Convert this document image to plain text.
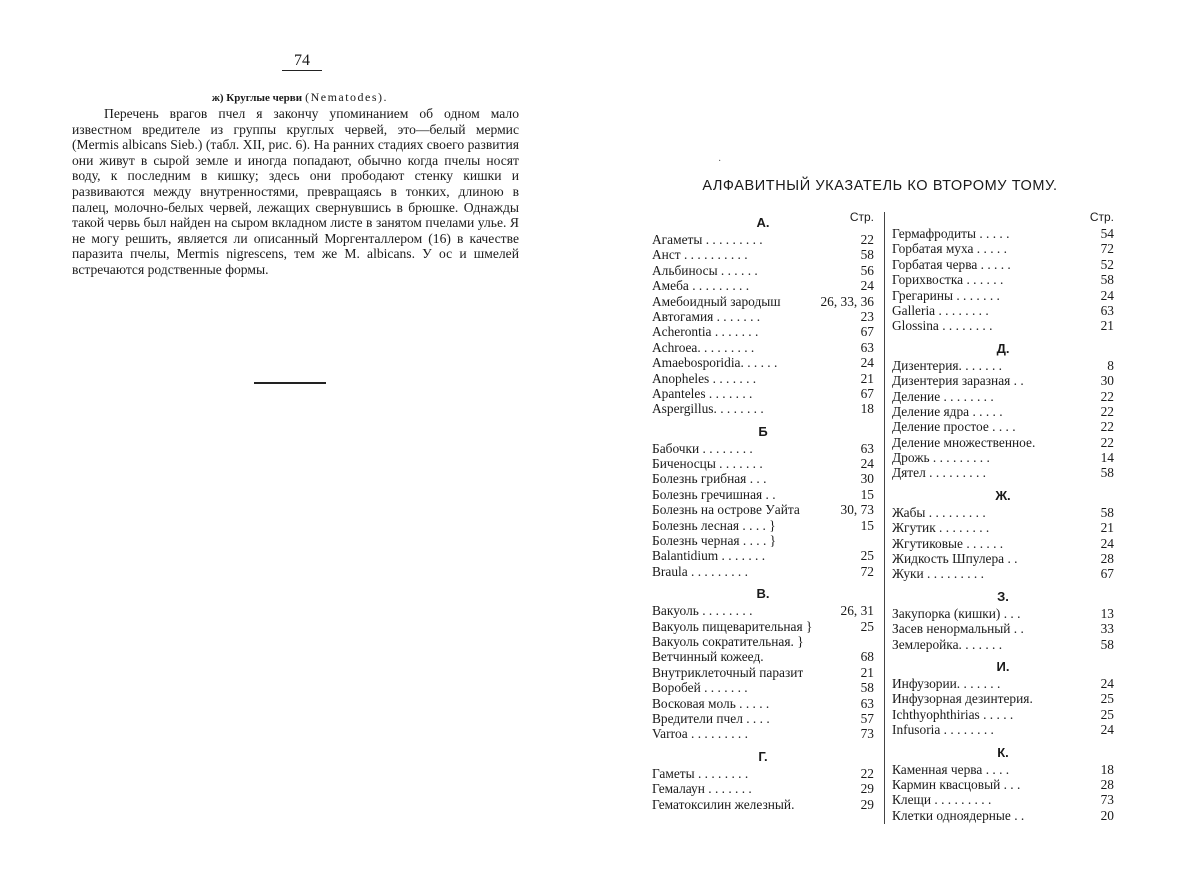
74
ж) Круглые черви (Nematodes).

Перечень врагов пчел я закончу упоминанием об одном мало известном вредителе из группы круглых червей, это—белый мермис (Mermis albicans Sieb.) (табл. XII, рис. 6). На ранних стадиях своего развития они живут в сырой земле и иногда попадают, обычно когда пчелы носят воду, к последним в кишку; здесь они прободают стенку кишки и развиваются между внутренностями, превращаясь в тонких, длиною в палец, молочно-белых червей, лежащих свернувшись в брюшке. Однажды такой червь был найден на сыром вкладном листе в занятом пчелами улье. Я не могу решить, является ли описанный Моргенталлером (16) в качестве паразита пчелы, Mermis nigrescens, тем же M. albicans. У ос и шмелей встречаются родственные формы.

·
АЛФАВИТНЫЙ УКАЗАТЕЛЬ КО ВТОРОМУ ТОМУ.
Стр.
А.
Агаметы . . . . . . . . .	22
Анст . . . . . . . . . .	58
Альбиносы . . . . . .	56
Амеба . . . . . . . . .	24
Амебоидный зародыш	26, 33, 36
Автогамия . . . . . . .	23
Acherontia . . . . . . .	67
Achroea. . . . . . . . .	63
Amaebosporidia. . . . . .	24
Anopheles . . . . . . .	21
Apanteles . . . . . . .	67
Aspergillus. . . . . . . .	18
Б
Бабочки . . . . . . . .	63
Биченосцы . . . . . . .	24
Болезнь грибная . . .	30
Болезнь гречишная . .	15
Болезнь на острове Уайта	30, 73
Болезнь лесная . . . . }	15
Болезнь черная . . . . }
Balantidium . . . . . . .	25
Braula . . . . . . . . .	72
В.
Вакуоль . . . . . . . .	26, 31
Вакуоль пищеварительная }	25
Вакуоль сократительная. }
Ветчинный кожеед.	68
Внутриклеточный паразит	21
Воробей . . . . . . .	58
Восковая моль . . . . .	63
Вредители пчел . . . .	57
Varroa . . . . . . . . .	73
Г.
Гаметы . . . . . . . .	22
Гемалаун . . . . . . .	29
Гематоксилин железный.	29
Стр.
Гермафродиты . . . . .	54
Горбатая муха . . . . .	72
Горбатая черва . . . . .	52
Горихвостка . . . . . .	58
Грегарины . . . . . . .	24
Galleria . . . . . . . .	63
Glossina . . . . . . . .	21
Д.
Дизентерия. . . . . . .	8
Дизентерия заразная . .	30
Деление . . . . . . . .	22
Деление ядра . . . . .	22
Деление простое . . . .	22
Деление множественное.	22
Дрожь . . . . . . . . .	14
Дятел . . . . . . . . .	58
Ж.
Жабы . . . . . . . . .	58
Жгутик . . . . . . . .	21
Жгутиковые . . . . . .	24
Жидкость Шпулера . .	28
Жуки . . . . . . . . .	67
З.
Закупорка (кишки) . . .	13
Засев ненормальный . .	33
Землеройка. . . . . . .	58
И.
Инфузории. . . . . . .	24
Инфузорная дезинтерия.	25
Ichthyophthirias . . . . .	25
Infusoria . . . . . . . .	24
К.
Каменная черва . . . .	18
Кармин квасцовый . . .	28
Клещи . . . . . . . . .	73
Клетки одноядерные . .	20
